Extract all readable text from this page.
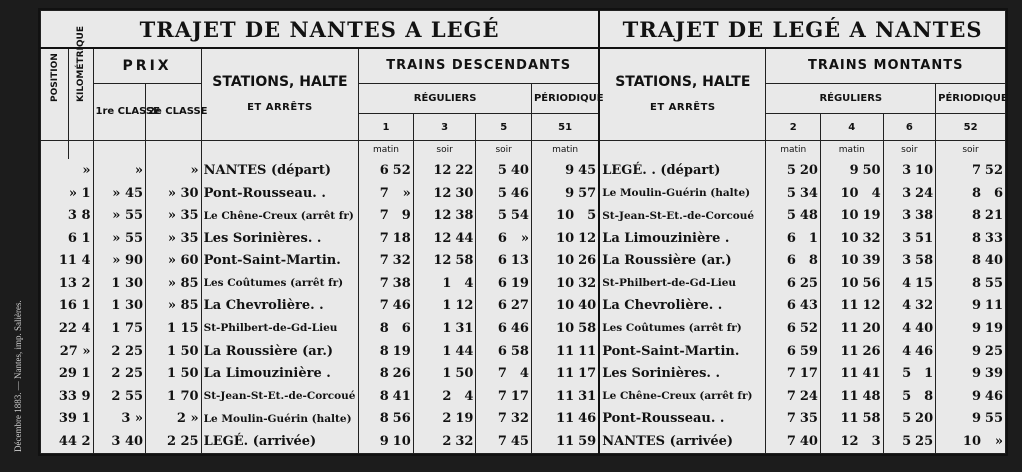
Décembre 1883. — Nantes, imp. Salières.
TRAJET DE NANTES A LEGÉ									TRAJET DE LEGÉ A NANTES				

POSITION	KILOMÉTRIQUE	PRIX		STATIONS, HALTE
ET ARRÊTS	TRAINS DESCENDANTS				STATIONS, HALTE
ET ARRÊTS	TRAINS MONTANTS			
		1re CLASSE	2e CLASSE		RÉGULIERS			PÉRIODIQUE		RÉGULIERS			PÉRIODIQUE
					1	3	5	51		2	4	6	52
					matin	soir	soir	matin		matin	matin	soir	soir
»		»	»	NANTES (départ)	6 52	12 22	5 40	9 45	LEGÉ. . (départ)	5 20	9 50	3 10	7 52
» 1		» 45	» 30	Pont-Rousseau. .	7 »	12 30	5 46	9 57	Le Moulin-Guérin (halte)	5 34	10 4	3 24	8 6
3 8		» 55	» 35	Le Chêne-Creux (arrêt fr)	7 9	12 38	5 54	10 5	St-Jean-St-Et.-de-Corcoué	5 48	10 19	3 38	8 21
6 1		» 55	» 35	Les Sorinières. .	7 18	12 44	6 »	10 12	La Limouzinière .	6 1	10 32	3 51	8 33
11 4		» 90	» 60	Pont-Saint-Martin.	7 32	12 58	6 13	10 26	La Roussière (ar.)	6 8	10 39	3 58	8 40
13 2		1 30	» 85	Les Coûtumes (arrêt fr)	7 38	1 4	6 19	10 32	St-Philbert-de-Gd-Lieu	6 25	10 56	4 15	8 55
16 1		1 30	» 85	La Chevrolière. .	7 46	1 12	6 27	10 40	La Chevrolière. .	6 43	11 12	4 32	9 11
22 4		1 75	1 15	St-Philbert-de-Gd-Lieu	8 6	1 31	6 46	10 58	Les Coûtumes (arrêt fr)	6 52	11 20	4 40	9 19
27 »		2 25	1 50	La Roussière (ar.)	8 19	1 44	6 58	11 11	Pont-Saint-Martin.	6 59	11 26	4 46	9 25
29 1		2 25	1 50	La Limouzinière .	8 26	1 50	7 4	11 17	Les Sorinières. .	7 17	11 41	5 1	9 39
33 9		2 55	1 70	St-Jean-St-Et.-de-Corcoué	8 41	2 4	7 17	11 31	Le Chêne-Creux (arrêt fr)	7 24	11 48	5 8	9 46
39 1		3 »	2 »	Le Moulin-Guérin (halte)	8 56	2 19	7 32	11 46	Pont-Rousseau. .	7 35	11 58	5 20	9 55
44 2		3 40	2 25	LEGÉ. (arrivée)	9 10	2 32	7 45	11 59	NANTES (arrivée)	7 40	12 3	5 25	10 »
